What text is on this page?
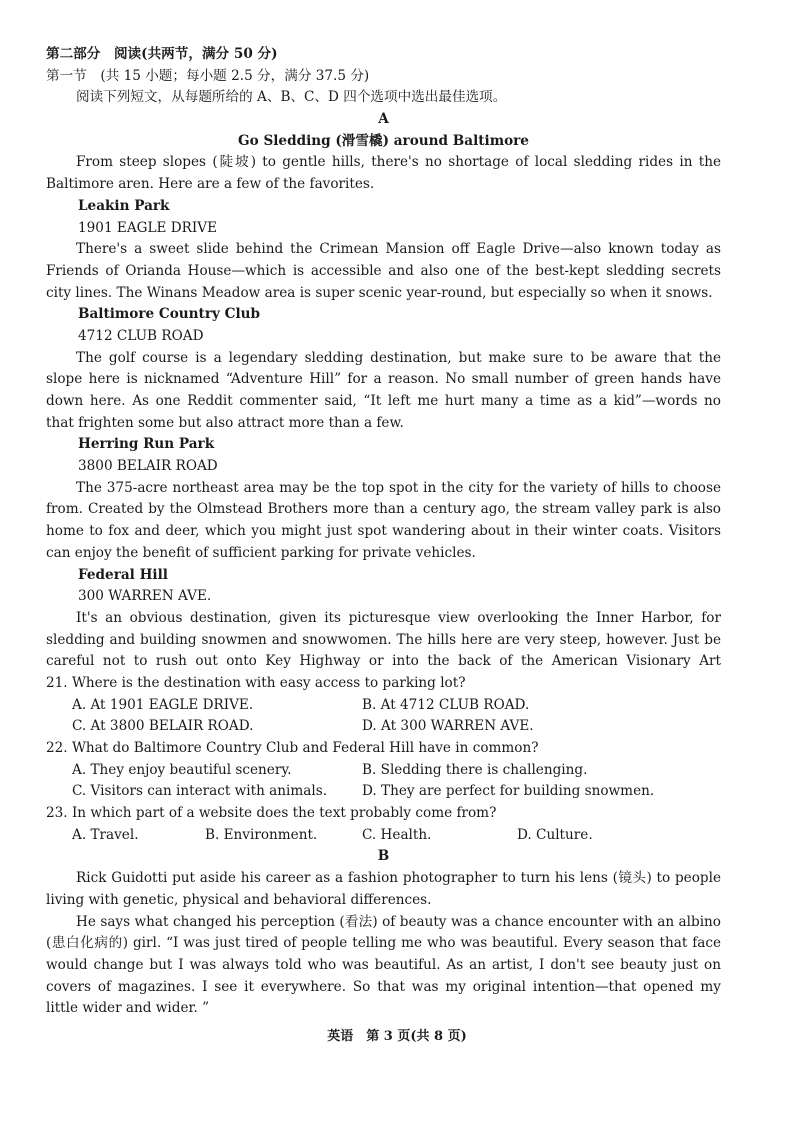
第二部分　阅读(共两节，满分 50 分)
第一节　(共 15 小题；每小题 2.5 分，满分 37.5 分)
阅读下列短文，从每题所给的 A、B、C、D 四个选项中选出最佳选项。
A
Go Sledding (滑雪橇) around Baltimore
From steep slopes (陡坡) to gentle hills, there's no shortage of local sledding rides in the
Baltimore aren. Here are a few of the favorites.
Leakin Park
1901 EAGLE DRIVE
There's a sweet slide behind the Crimean Mansion off Eagle Drive—also known today as
Friends of Orianda House—which is accessible and also one of the best-kept sledding secrets
city lines. The Winans Meadow area is super scenic year-round, but especially so when it snows.
Baltimore Country Club
4712 CLUB ROAD
The golf course is a legendary sledding destination, but make sure to be aware that the
slope here is nicknamed “Adventure Hill” for a reason. No small number of green hands have
down here. As one Reddit commenter said, “It left me hurt many a time as a kid”—words no
that frighten some but also attract more than a few.
Herring Run Park
3800 BELAIR ROAD
The 375-acre northeast area may be the top spot in the city for the variety of hills to choose
from. Created by the Olmstead Brothers more than a century ago, the stream valley park is also
home to fox and deer, which you might just spot wandering about in their winter coats. Visitors
can enjoy the benefit of sufficient parking for private vehicles.
Federal Hill
300 WARREN AVE.
It's an obvious destination, given its picturesque view overlooking the Inner Harbor, for
sledding and building snowmen and snowwomen. The hills here are very steep, however. Just be
careful not to rush out onto Key Highway or into the back of the American Visionary Art
21. Where is the destination with easy access to parking lot?
A. At 1901 EAGLE DRIVE.	B. At 4712 CLUB ROAD.
C. At 3800 BELAIR ROAD.	D. At 300 WARREN AVE.
22. What do Baltimore Country Club and Federal Hill have in common?
A. They enjoy beautiful scenery.	B. Sledding there is challenging.
C. Visitors can interact with animals.	D. They are perfect for building snowmen.
23. In which part of a website does the text probably come from?
A. Travel.	B. Environment.	C. Health.	D. Culture.
B
Rick Guidotti put aside his career as a fashion photographer to turn his lens (镜头) to people
living with genetic, physical and behavioral differences.
He says what changed his perception (看法) of beauty was a chance encounter with an albino
(患白化病的) girl. “I was just tired of people telling me who was beautiful. Every season that face
would change but I was always told who was beautiful. As an artist, I don't see beauty just on
covers of magazines. I see it everywhere. So that was my original intention—that opened my
little wider and wider. ”
英语　第 3 页(共 8 页)
